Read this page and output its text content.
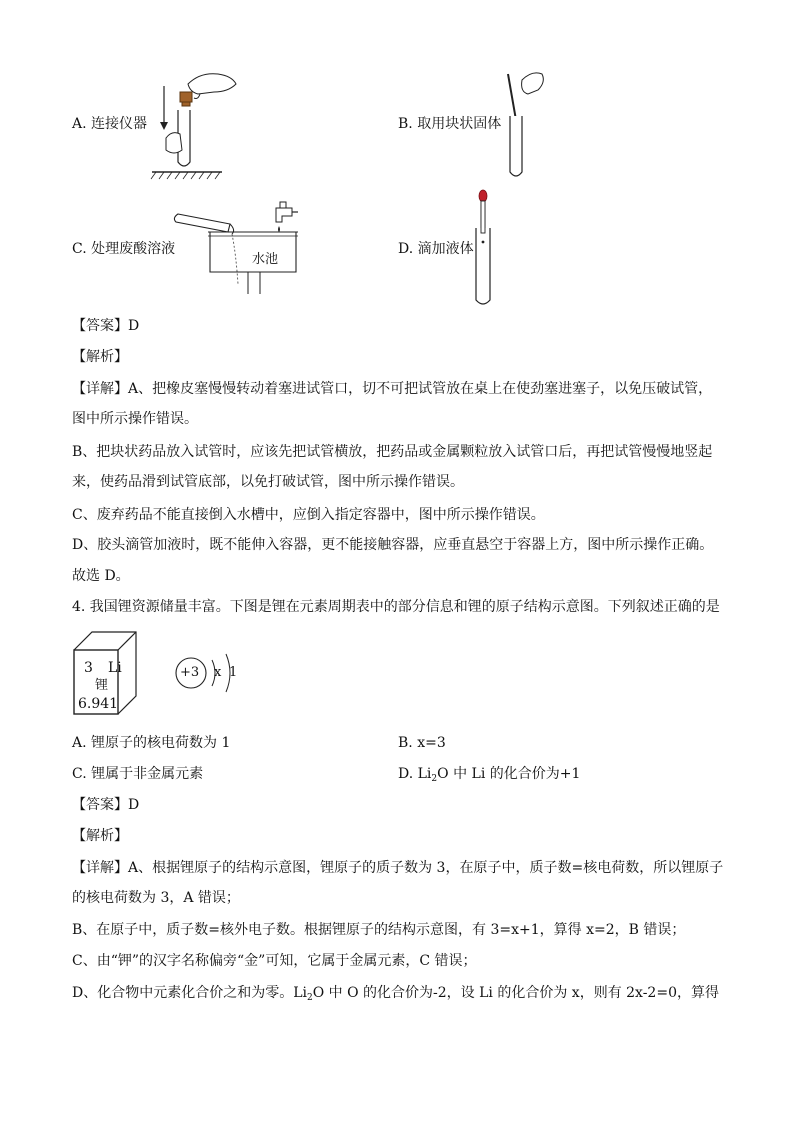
A. 连接仪器	B. 取用块状固体
C. 处理废酸溶液
水池
D. 滴加液体
【答案】D
【解析】
【详解】A、把橡皮塞慢慢转动着塞进试管口，切不可把试管放在桌上在使劲塞进塞子，以免压破试管，
图中所示操作错误。
B、把块状药品放入试管时，应该先把试管横放，把药品或金属颗粒放入试管口后，再把试管慢慢地竖起
来，使药品滑到试管底部，以免打破试管，图中所示操作错误。
C、废弃药品不能直接倒入水槽中，应倒入指定容器中，图中所示操作错误。
D、胶头滴管加液时，既不能伸入容器，更不能接触容器，应垂直悬空于容器上方，图中所示操作正确。
故选 D。
4. 我国锂资源储量丰富。下图是锂在元素周期表中的部分信息和锂的原子结构示意图。下列叙述正确的是
3 Li
锂
6.941
+3 x 1
A. 锂原子的核电荷数为 1	B. x=3
C. 锂属于非金属元素	D. $Li_2O$ 中 Li 的化合价为+1
【答案】D
【解析】
【详解】A、根据锂原子的结构示意图，锂原子的质子数为 3，在原子中，质子数=核电荷数，所以锂原子
的核电荷数为 3，A 错误；
B、在原子中，质子数=核外电子数。根据锂原子的结构示意图，有 3=x+1，算得 x=2，B 错误；
C、由“钾”的汉字名称偏旁“金”可知，它属于金属元素，C 错误；
D、化合物中元素化合价之和为零。$Li_2O$ 中 O 的化合价为-2，设 Li 的化合价为 x，则有 2x-2=0，算得
